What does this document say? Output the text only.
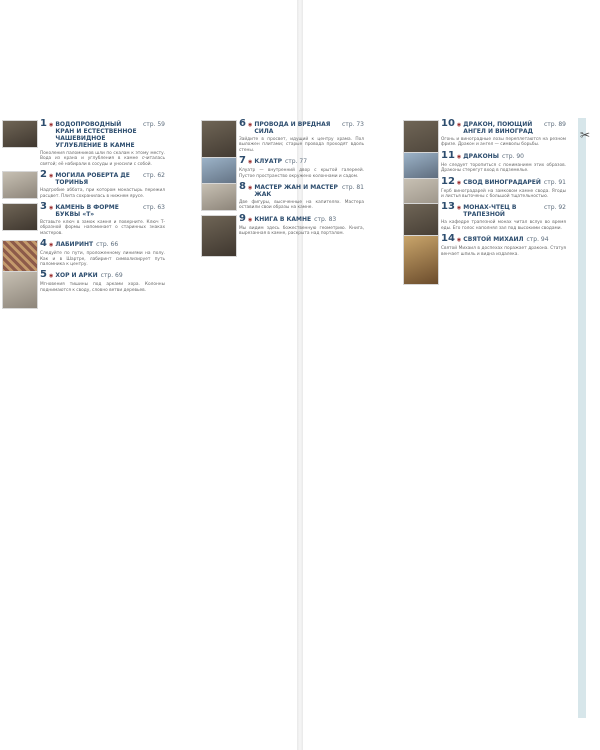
1 ◉ ВОДОПРОВОДНЫЙ КРАН И ЕСТЕСТВЕННОЕ ЧАШЕВИДНОЕ УГЛУБЛЕНИЕ В КАМНЕ
стр. 59
Поколения паломников шли по скалам к этому месту. Вода из крана и углубления в камне считалась святой; её набирали в сосуды и уносили с собой.
2 ◉ МОГИЛА РОБЕРТА ДЕ ТОРИНЬЯ
стр. 62
Надгробие аббата, при котором монастырь пережил расцвет. Плита сохранилась в нижнем ярусе.
3 ◉ КАМЕНЬ В ФОРМЕ БУКВЫ «Т»
стр. 63
Вставьте ключ в замок камня и поверните. Ключ Т-образной формы напоминает о старинных знаках мастеров.
4 ◉ ЛАБИРИНТ стр. 66
Следуйте по пути, проложенному линиями на полу. Как и в Шартре, лабиринт символизирует путь паломника к центру.
5 ◉ ХОР И АРКИ стр. 69
Мгновения тишины под арками хора. Колонны поднимаются к своду, словно ветви деревьев.
6 ◉ ПРОВОДА И ВРЕДНАЯ СИЛА
стр. 73
Зайдите в просвет, идущий к центру храма. Пол выложен плитами; старые провода проходят вдоль стены.
7 ◉ КЛУАТР стр. 77
Клуатр — внутренний двор с крытой галереей. Пустое пространство окружено колоннами и садом.
8 ◉ МАСТЕР ЖАН И МАСТЕР ЖАК
стр. 81
Две фигуры, высеченные на капителях. Мастера оставили свои образы на камне.
9 ◉ КНИГА В КАМНЕ стр. 83
Мы видим здесь божественную геометрию. Книга, вырезанная в камне, раскрыта над порталом.
10 ◉ ДРАКОН, ПОЮЩИЙ АНГЕЛ И ВИНОГРАД
стр. 89
Огонь и виноградные лозы переплетаются на резном фризе. Дракон и ангел — символы борьбы.
11 ◉ ДРАКОНЫ стр. 90
Не следует торопиться с пониманием этих образов. Драконы стерегут вход в подземелье.
12 ◉ СВОД ВИНОГРАДАРЕЙ стр. 91
Герб виноградарей на замковом камне свода. Ягоды и листья выточены с большой тщательностью.
13 ◉ МОНАХ-ЧТЕЦ В ТРАПЕЗНОЙ
стр. 92
На кафедре трапезной монах читал вслух во время еды. Его голос наполнял зал под высокими сводами.
14 ◉ СВЯТОЙ МИХАИЛ стр. 94
Святой Михаил в доспехах поражает дракона. Статуя венчает шпиль и видна издалека.
✂
